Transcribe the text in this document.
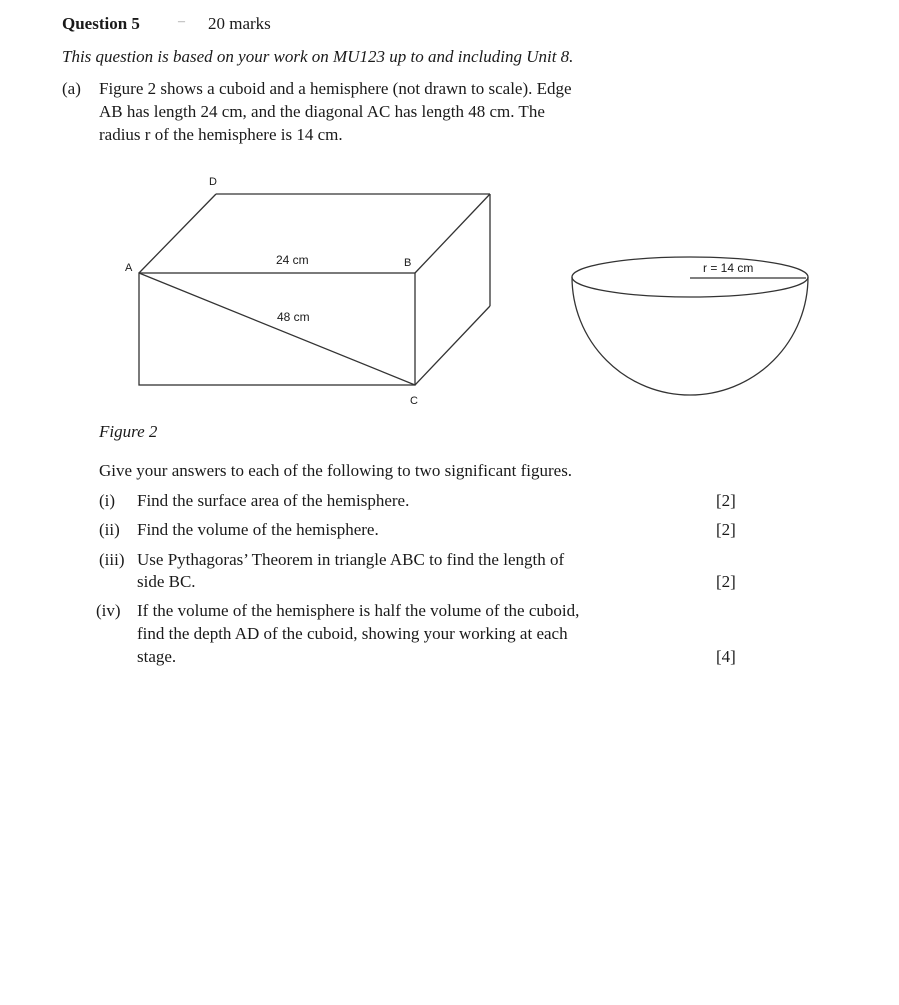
Question 5	– 20 marks
This question is based on your work on MU123 up to and including Unit 8.
(a) Figure 2 shows a cuboid and a hemisphere (not drawn to scale). Edge
AB has length 24 cm, and the diagonal AC has length 48 cm. The
radius r of the hemisphere is 14 cm.
D
A	B
C
24 cm
48 cm
r = 14 cm
Figure 2
Give your answers to each of the following to two significant figures.
(i) Find the surface area of the hemisphere.	[2]
(ii) Find the volume of the hemisphere.	[2]
(iii) Use Pythagoras’ Theorem in triangle ABC to find the length of
side BC.	[2]
(iv) If the volume of the hemisphere is half the volume of the cuboid,
find the depth AD of the cuboid, showing your working at each
stage.	[4]
